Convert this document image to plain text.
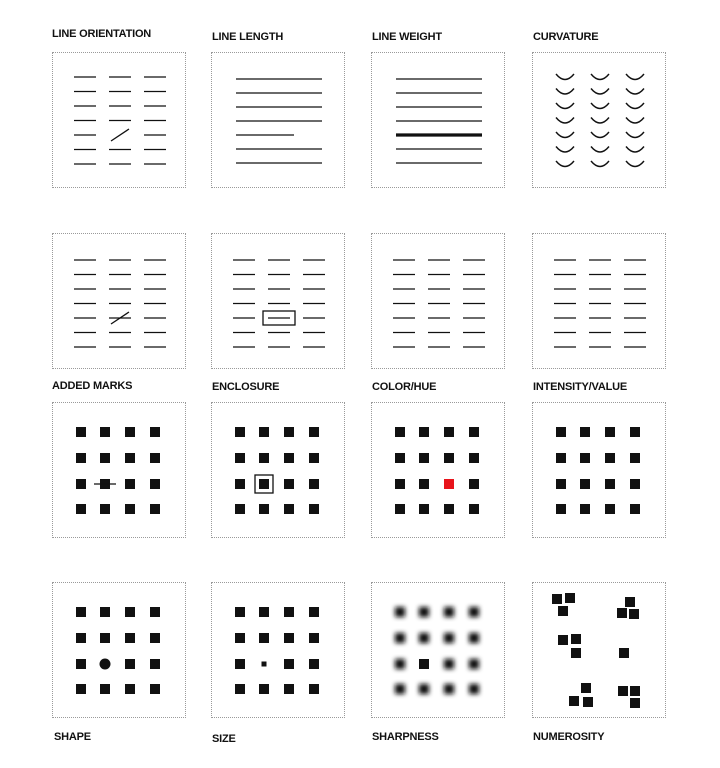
LINE ORIENTATION	LINE LENGTH	LINE WEIGHT	CURVATURE
ADDED MARKS	ENCLOSURE	COLOR/HUE	INTENSITY/VALUE
SHAPE	SIZE	SHARPNESS	NUMEROSITY
